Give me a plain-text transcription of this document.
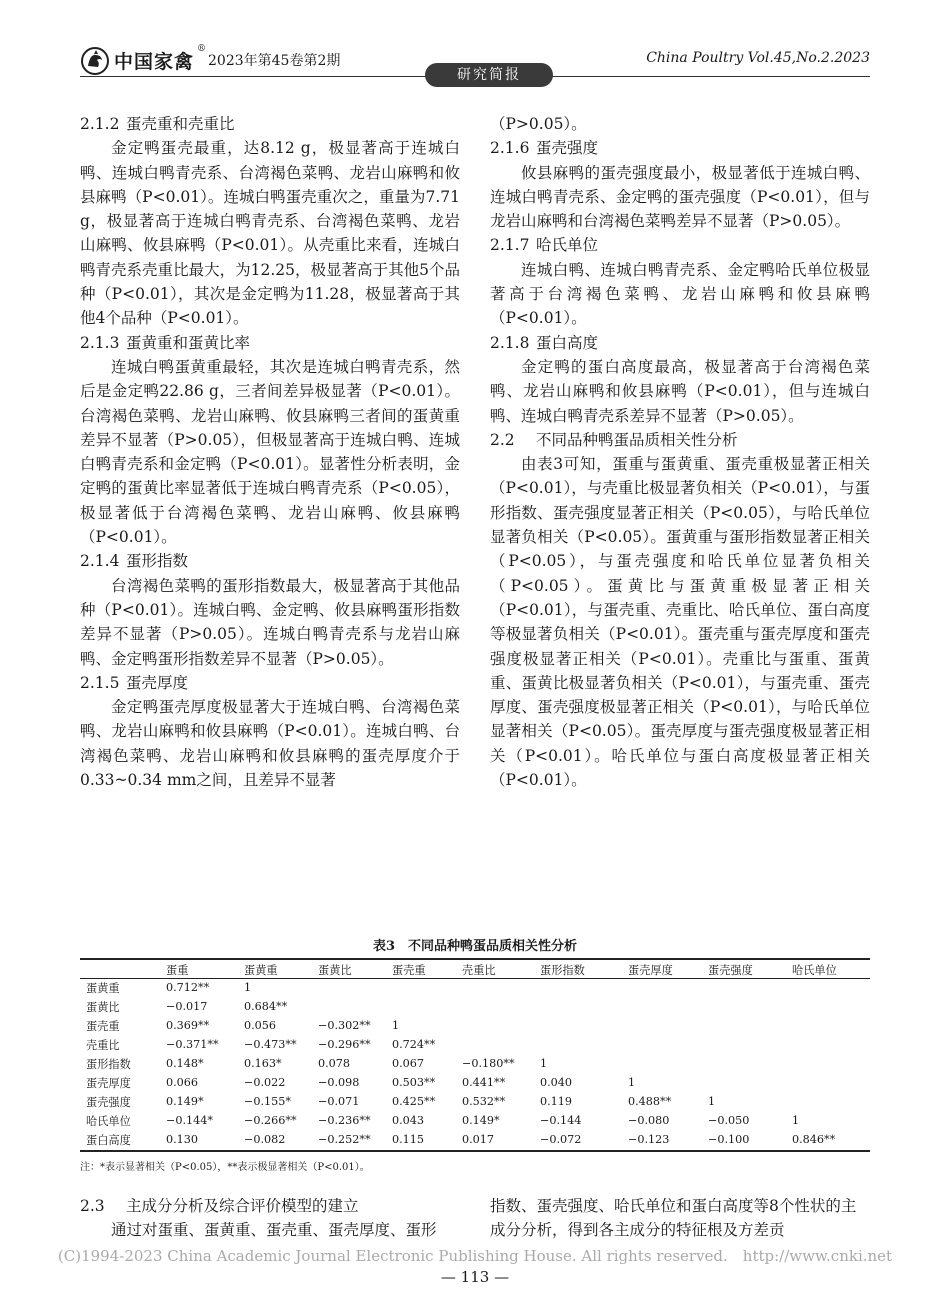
中国家禽
®
2023年第45卷第2期	China Poultry Vol.45,No.2.2023
研究简报
2.1.2 蛋壳重和壳重比

金定鸭蛋壳最重，达8.12 g，极显著高于连城白鸭、连城白鸭青壳系、台湾褐色菜鸭、龙岩山麻鸭和攸县麻鸭（P<0.01）。连城白鸭蛋壳重次之，重量为7.71 g，极显著高于连城白鸭青壳系、台湾褐色菜鸭、龙岩山麻鸭、攸县麻鸭（P<0.01）。从壳重比来看，连城白鸭青壳系壳重比最大，为12.25，极显著高于其他5个品种（P<0.01），其次是金定鸭为11.28，极显著高于其他4个品种（P<0.01）。

2.1.3 蛋黄重和蛋黄比率

连城白鸭蛋黄重最轻，其次是连城白鸭青壳系，然后是金定鸭22.86 g，三者间差异极显著（P<0.01）。台湾褐色菜鸭、龙岩山麻鸭、攸县麻鸭三者间的蛋黄重差异不显著（P>0.05），但极显著高于连城白鸭、连城白鸭青壳系和金定鸭（P<0.01）。显著性分析表明，金定鸭的蛋黄比率显著低于连城白鸭青壳系（P<0.05），极显著低于台湾褐色菜鸭、龙岩山麻鸭、攸县麻鸭（P<0.01）。

2.1.4 蛋形指数

台湾褐色菜鸭的蛋形指数最大，极显著高于其他品种（P<0.01）。连城白鸭、金定鸭、攸县麻鸭蛋形指数差异不显著（P>0.05）。连城白鸭青壳系与龙岩山麻鸭、金定鸭蛋形指数差异不显著（P>0.05）。

2.1.5 蛋壳厚度

金定鸭蛋壳厚度极显著大于连城白鸭、台湾褐色菜鸭、龙岩山麻鸭和攸县麻鸭（P<0.01）。连城白鸭、台湾褐色菜鸭、龙岩山麻鸭和攸县麻鸭的蛋壳厚度介于0.33~0.34 mm之间，且差异不显著

（P>0.05）。

2.1.6 蛋壳强度

攸县麻鸭的蛋壳强度最小，极显著低于连城白鸭、连城白鸭青壳系、金定鸭的蛋壳强度（P<0.01），但与龙岩山麻鸭和台湾褐色菜鸭差异不显著（P>0.05）。

2.1.7 哈氏单位

连城白鸭、连城白鸭青壳系、金定鸭哈氏单位极显著高于台湾褐色菜鸭、龙岩山麻鸭和攸县麻鸭（P<0.01）。

2.1.8 蛋白高度

金定鸭的蛋白高度最高，极显著高于台湾褐色菜鸭、龙岩山麻鸭和攸县麻鸭（P<0.01），但与连城白鸭、连城白鸭青壳系差异不显著（P>0.05）。

2.2 不同品种鸭蛋品质相关性分析

由表3可知，蛋重与蛋黄重、蛋壳重极显著正相关（P<0.01），与壳重比极显著负相关（P<0.01），与蛋形指数、蛋壳强度显著正相关（P<0.05），与哈氏单位显著负相关（P<0.05）。蛋黄重与蛋形指数显著正相关（P<0.05），与蛋壳强度和哈氏单位显著负相关（P<0.05）。蛋黄比与蛋黄重极显著正相关（P<0.01），与蛋壳重、壳重比、哈氏单位、蛋白高度等极显著负相关（P<0.01）。蛋壳重与蛋壳厚度和蛋壳强度极显著正相关（P<0.01）。壳重比与蛋重、蛋黄重、蛋黄比极显著负相关（P<0.01），与蛋壳重、蛋壳厚度、蛋壳强度极显著正相关（P<0.01），与哈氏单位显著相关（P<0.05）。蛋壳厚度与蛋壳强度极显著正相关（P<0.01）。哈氏单位与蛋白高度极显著正相关（P<0.01）。

表3　不同品种鸭蛋品质相关性分析
	蛋重	蛋黄重	蛋黄比	蛋壳重	壳重比	蛋形指数	蛋壳厚度	蛋壳强度	哈氏单位
蛋黄重	0.712**	1							
蛋黄比	−0.017	0.684**							
蛋壳重	0.369**	0.056	−0.302**	1					
壳重比	−0.371**	−0.473**	−0.296**	0.724**					
蛋形指数	0.148*	0.163*	0.078	0.067	−0.180**	1			
蛋壳厚度	0.066	−0.022	−0.098	0.503**	0.441**	0.040	1		
蛋壳强度	0.149*	−0.155*	−0.071	0.425**	0.532**	0.119	0.488**	1	
哈氏单位	−0.144*	−0.266**	−0.236**	0.043	0.149*	−0.144	−0.080	−0.050	1
蛋白高度	0.130	−0.082	−0.252**	0.115	0.017	−0.072	−0.123	−0.100	0.846**
注：*表示显著相关（P<0.05），**表示极显著相关（P<0.01）。
2.3 主成分分析及综合评价模型的建立
通过对蛋重、蛋黄重、蛋壳重、蛋壳厚度、蛋形
指数、蛋壳强度、哈氏单位和蛋白高度等8个性状的主成分分析，得到各主成分的特征根及方差贡
(C)1994-2023 China Academic Journal Electronic Publishing House. All rights reserved.　http://www.cnki.net
— 113 —
